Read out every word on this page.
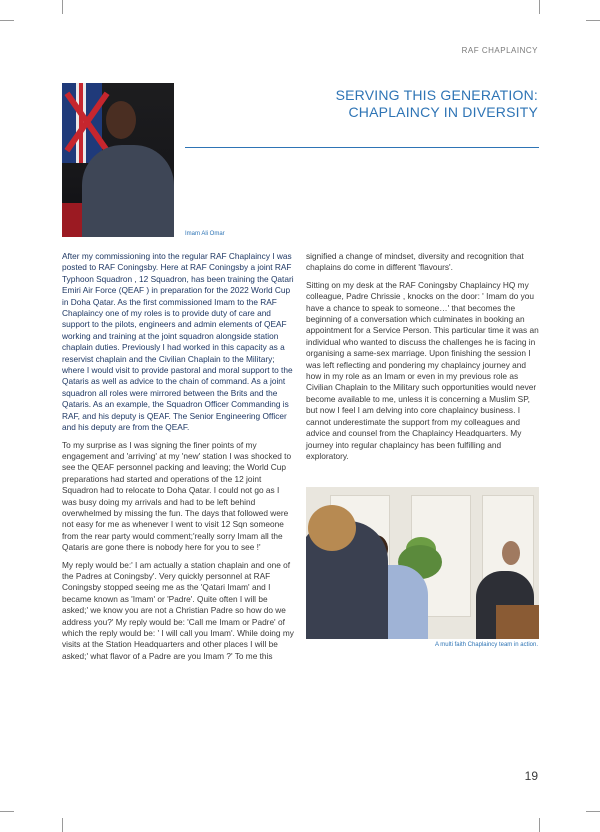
RAF CHAPLAINCY
SERVING THIS GENERATION:
CHAPLAINCY IN DIVERSITY
Imam Ali Omar

After my commissioning into the regular RAF Chaplaincy I was posted to RAF Coningsby. Here at RAF Coningsby a joint RAF Typhoon Squadron , 12 Squadron, has been training the Qatari Emiri Air Force (QEAF ) in preparation for the 2022 World Cup in Doha Qatar. As the first commissioned Imam to the RAF Chaplaincy one of my roles is to provide duty of care and support to the pilots, engineers and admin elements of QEAF working and training at the joint squadron alongside station chaplain duties. Previously I had worked in this capacity as a reservist chaplain and the Civilian Chaplain to the Military; where I would visit to provide pastoral and moral support to the Qataris as well as advice to the chain of command. As a joint squadron all roles were mirrored between the Brits and the Qataris. As an example, the Squadron Officer Commanding is RAF, and his deputy is QEAF. The Senior Engineering Officer and his deputy are from the QEAF.

To my surprise as I was signing the finer points of my engagement and 'arriving' at my 'new' station I was shocked to see the QEAF personnel packing and leaving; the World Cup preparations had started and operations of the 12 joint Squadron had to relocate to Doha Qatar. I could not go as I was busy doing my arrivals and had to be left behind overwhelmed by missing the fun. The days that followed were not easy for me as whenever I went to visit 12 Sqn someone from the rear party would comment;'really sorry Imam all the Qataris are gone there is nobody here for you to see !'

My reply would be:' I am actually a station chaplain and one of the Padres at Coningsby'. Very quickly personnel at RAF Coningsby stopped seeing me as the 'Qatari Imam' and I became known as 'Imam' or 'Padre'. Quite often I will be asked;' we know you are not a Christian Padre so how do we address you?' My reply would be: 'Call me Imam or Padre' of which the reply would be: ' I will call you Imam'. While doing my visits at the Station Headquarters and other places I will be asked;' what flavor of a Padre are you Imam ?' To me this

signified a change of mindset, diversity and recognition that chaplains do come in different 'flavours'.

Sitting on my desk at the RAF Coningsby Chaplaincy HQ my colleague, Padre Chrissie , knocks on the door: ' Imam do you have a chance to speak to someone…' that becomes the beginning of a conversation which culminates in booking an appointment for a Service Person. This particular time it was an individual who wanted to discuss the challenges he is facing in organising a same-sex marriage. Upon finishing the session I was left reflecting and pondering my chaplaincy journey and how in my role as an Imam or even in my previous role as Civilian Chaplain to the Military such opportunities would never become available to me, unless it is concerning a Muslim SP, but now I feel I am delving into core chaplaincy business. I cannot underestimate the support from my colleagues and advice and counsel from the Chaplaincy Headquarters. My journey into regular chaplaincy has been fulfilling and exploratory.

A multi faith Chaplaincy team in action.
19
